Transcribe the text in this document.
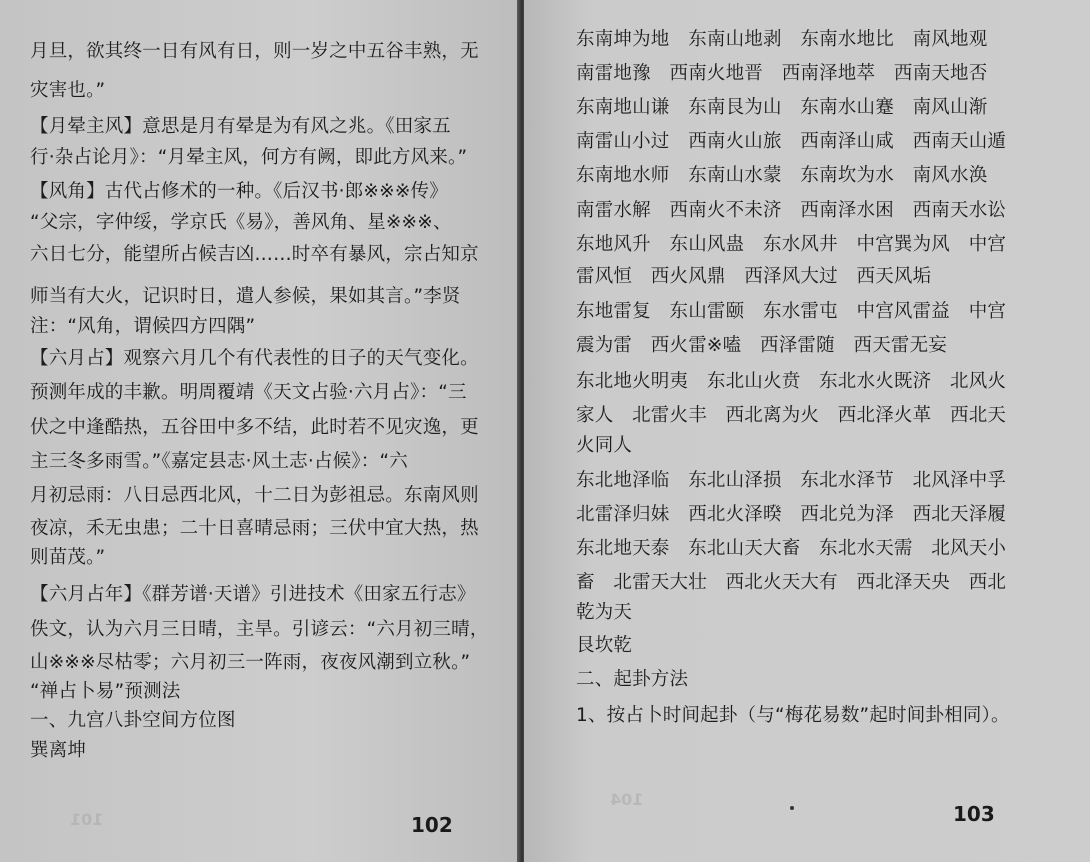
月旦，欲其终一日有风有日，则一岁之中五谷丰熟，无
灾害也。”
【月晕主风】意思是月有晕是为有风之兆。《田家五
行·杂占论月》：“月晕主风，何方有阙，即此方风来。”
【风角】古代占修术的一种。《后汉书·郎※※※传》
“父宗，字仲绥，学京氏《易》，善风角、星※※※、
六日七分，能望所占候吉凶……时卒有暴风，宗占知京
师当有大火，记识时日，遣人参候，果如其言。”李贤
注：“风角，谓候四方四隅”
【六月占】观察六月几个有代表性的日子的天气变化。
预测年成的丰歉。明周覆靖《天文占验·六月占》：“三
伏之中逢酷热，五谷田中多不结，此时若不见灾逸，更
主三冬多雨雪。”《嘉定县志·风土志·占候》：“六
月初忌雨：八日忌西北风，十二日为彭祖忌。东南风则
夜凉，禾无虫患；二十日喜晴忌雨；三伏中宜大热，热
则苗茂。”
【六月占年】《群芳谱·天谱》引进技术《田家五行志》
佚文，认为六月三日晴，主旱。引谚云：“六月初三晴，
山※※※尽枯零；六月初三一阵雨，夜夜风潮到立秋。”
“禅占卜易”预测法
一、九宫八卦空间方位图
巽离坤
101	102
东南坤为地　东南山地剥　东南水地比　南风地观
南雷地豫　西南火地晋　西南泽地萃　西南天地否
东南地山谦　东南艮为山　东南水山蹇　南风山渐
南雷山小过　西南火山旅　西南泽山咸　西南天山遁
东南地水师　东南山水蒙　东南坎为水　南风水涣
南雷水解　西南火不未济　西南泽水困　西南天水讼
东地风升　东山风蛊　东水风井　中宫巽为风　中宫
雷风恒　西火风鼎　西泽风大过　西天风垢
东地雷复　东山雷颐　东水雷屯　中宫风雷益　中宫
震为雷　西火雷※嗑　西泽雷随　西天雷无妄
东北地火明夷　东北山火贲　东北水火既济　北风火
家人　北雷火丰　西北离为火　西北泽火革　西北天
火同人
东北地泽临　东北山泽损　东北水泽节　北风泽中孚
北雷泽归妹　西北火泽暌　西北兑为泽　西北天泽履
东北地天泰　东北山天大畜　东北水天需　北风天小
畜　北雷天大壮　西北火天大有　西北泽天央　西北
乾为天
艮坎乾
二、起卦方法
1、按占卜时间起卦（与“梅花易数”起时间卦相同）。
104
103
